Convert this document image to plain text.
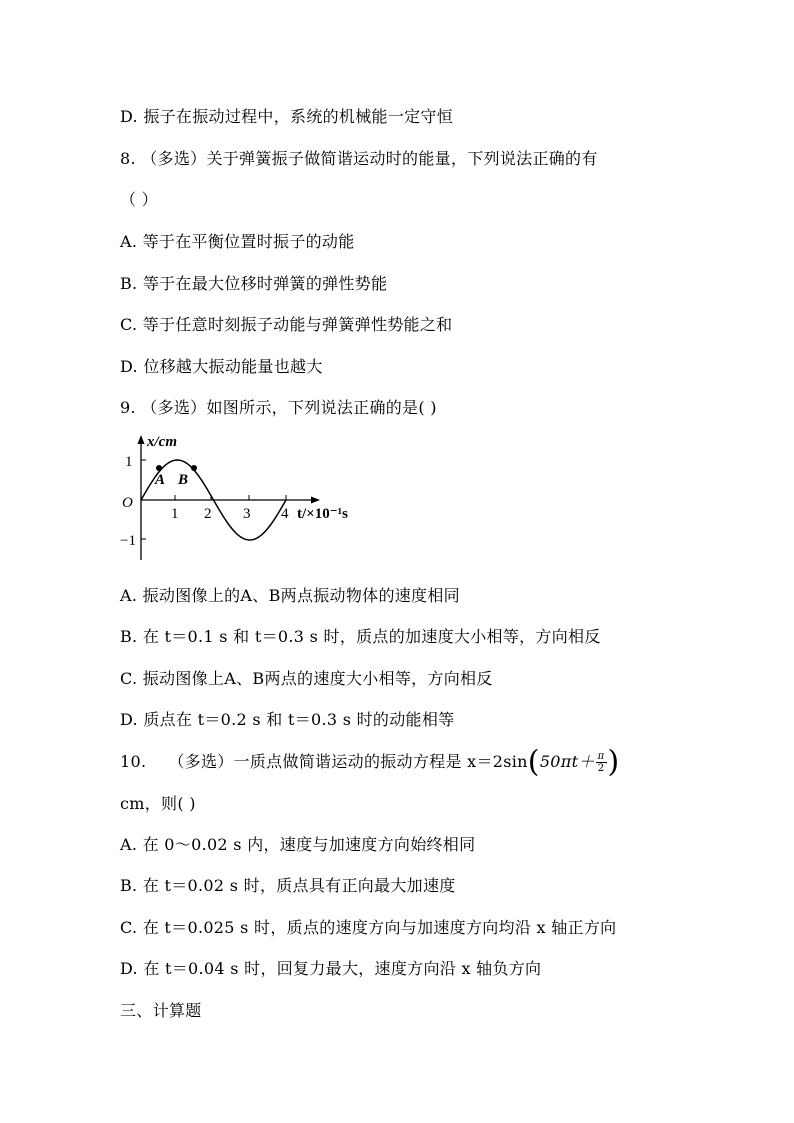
D. 振子在振动过程中，系统的机械能一定守恒
8. （多选）关于弹簧振子做简谐运动时的能量，下列说法正确的有
（ ）
A. 等于在平衡位置时振子的动能
B. 等于在最大位移时弹簧的弹性势能
C. 等于任意时刻振子动能与弹簧弹性势能之和
D. 位移越大振动能量也越大
9. （多选）如图所示，下列说法正确的是( )
x/cm
1
−1
O
A B
1 2 3 4 t/×10⁻¹s
A. 振动图像上的A、B两点振动物体的速度相同
B. 在 t＝0.1 s 和 t＝0.3 s 时，质点的加速度大小相等，方向相反
C. 振动图像上A、B两点的速度大小相等，方向相反
D. 质点在 t＝0.2 s 和 t＝0.3 s 时的动能相等
10. （多选）一质点做简谐运动的振动方程是 $x=2\sin(50\pi t+ \frac{\pi}{2}$ )
cm，则( )
A. 在 0～0.02 s 内，速度与加速度方向始终相同
B. 在 t＝0.02 s 时，质点具有正向最大加速度
C. 在 t＝0.025 s 时，质点的速度方向与加速度方向均沿 x 轴正方向
D. 在 t＝0.04 s 时，回复力最大，速度方向沿 x 轴负方向
三、计算题
